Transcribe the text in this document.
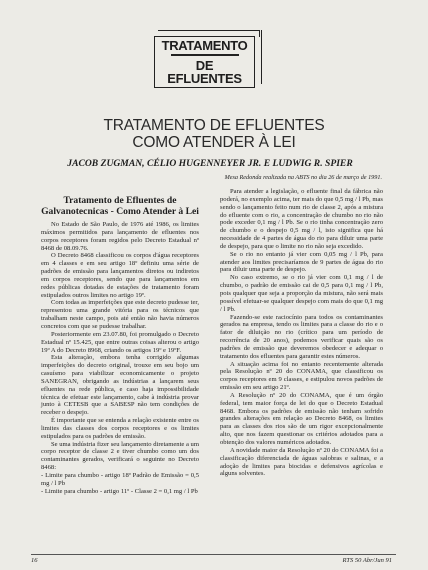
TRATAMENTO
DE
EFLUENTES
TRATAMENTO DE EFLUENTES
COMO ATENDER À LEI
JACOB ZUGMAN, CÉLIO HUGENNEYER JR. E LUDWIG R. SPIER
Mesa Redonda realizada na ABTS no dia 26 de março de 1991.
Tratamento de Efluentes de
Galvanotecnicas - Como Atender à Lei

No Estado de São Paulo, de 1976 até 1986, os limites máximos permitidos para lançamento de efluentes nos corpos receptores foram regidos pelo Decreto Estadual nº 8468 de 08.09.76.

O Decreto 8468 classificou os corpos d'água receptores em 4 classes e em seu artigo 18º definiu uma série de padrões de emissão para lançamentos diretos ou indiretos em corpos receptores, sendo que para lançamentos em redes públicas dotadas de estações de tratamento foram estipulados outros limites no artigo 19º.

Com todas as imperfeições que este decreto pudesse ter, representou uma grande vitória para os técnicos que trabalham neste campo, pois até então não havia números concretos com que se pudesse trabalhar.

Posteriormente em 23.07.80, foi promulgado o Decreto Estadual nº 15.425, que entre outras coisas alterou o artigo 19º A do Decreto 8968, criando os artigos 19º e 19ºF.

Esta alteração, embora tenha corrigido algumas imperfeições do decreto original, trouxe em seu bojo um casuísmo para viabilizar economicamente o projeto SANEGRAN, obrigando as indústrias a lançarem seus efluentes na rede pública, e caso haja impossibilidade técnica de efetuar este lançamento, cabe à indústria provar junto à CETESB que a SABESP não tem condições de receber o despejo.

É importante que se entenda a relação existente entre os limites das classes dos corpos receptores e os limites estipulados para os padrões de emissão.

Se uma indústria fizer seu lançamento diretamente a um corpo receptor de classe 2 e tiver chumbo como um dos contaminantes gerados, verificará o seguinte no Decreto 8468:

- Limite para chumbo - artigo 18º Padrão de Emissão = 0,5 mg / l Pb

- Limite para chumbo - artigo 11º - Classe 2 = 0,1 mg / l Pb

Para atender a legislação, o efluente final da fábrica não poderá, no exemplo acima, ter mais do que 0,5 mg / l Pb, mas sendo o lançamento feito num rio de classe 2, após a mistura do efluente com o rio, a concentração de chumbo no rio não pode exceder 0,1 mg / l Pb. Se o rio tinha concentração zero de chumbo e o despejo 0,5 mg / l, isto significa que há necessidade de 4 partes de água do rio para diluir uma parte de despejo, para que o limite no rio não seja excedido.

Se o rio no entanto já vier com 0,05 mg / l Pb, para atender aos limites precisaríamos de 9 partes de água do rio para diluir uma parte de despejo.

No caso extremo, se o rio já vier com 0,1 mg / l de chumbo, o padrão de emissão cai de 0,5 para 0,1 mg / l Pb, pois qualquer que seja a proporção da mistura, não será mais possível efetuar-se qualquer despejo com mais do que 0,1 mg / l Pb.

Fazendo-se este raciocínio para todos os contaminantes gerados na empresa, tendo os limites para a classe do rio e o fator de diluição no rio (crítico para um período de recorrência de 20 anos), podemos verificar quais são os padrões de emissão que deveremos obedecer e adequar o tratamento dos efluentes para garantir estes números.

A situação acima foi no entanto recentemente alterada pela Resolução nº 20 do CONAMA, que classificou os corpos receptores em 9 classes, e estipulou novos padrões de emissão em seu artigo 21º.

A Resolução nº 20 do CONAMA, que é um órgão federal, tem maior força de lei do que o Decreto Estadual 8468. Embora os padrões de emissão não tenham sofrido grandes alterações em relação ao Decreto 8468, os limites para as classes dos rios são de um rigor excepcionalmente alto, que nos fazem questionar os critérios adotados para a obtenção dos valores numéricos adotados.

A novidade maior da Resolução nº 20 do CONAMA foi a classificação diferenciada de águas salobras e salinas, e a adoção de limites para biocidas e defensivos agrícolas e alguns solventes.

16	RTS 50 Abr/Jun 91
